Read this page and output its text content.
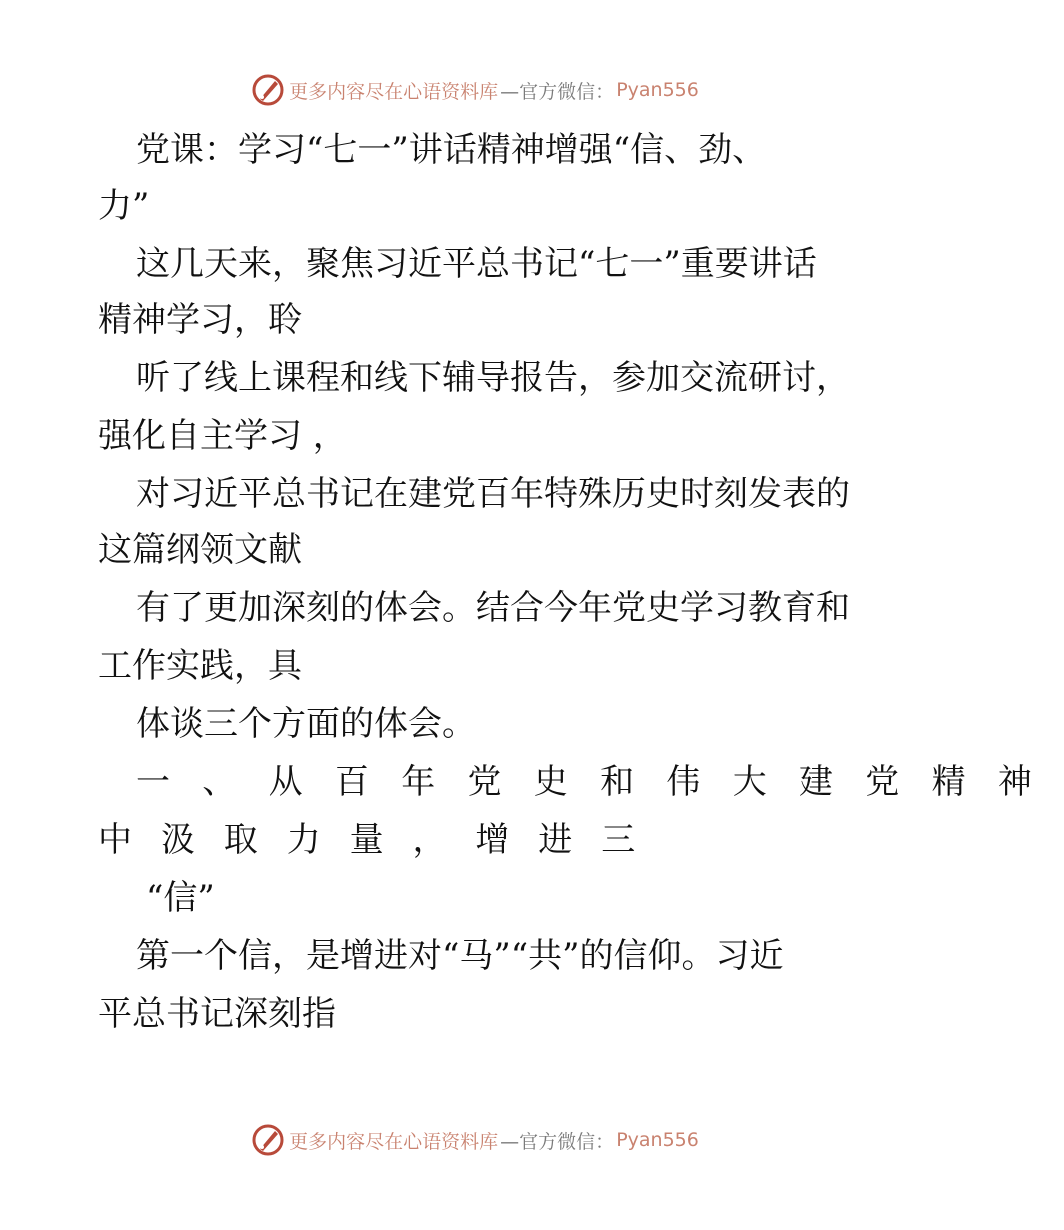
更多内容尽在心语资料库 —官方微信： Pyan556
党课：学习“七一”讲话精神增强“信、劲、
力”
这几天来，聚焦习近平总书记“七一”重要讲话
精神学习，聆
听了线上课程和线下辅导报告，参加交流研讨，
强化自主学习 ，
对习近平总书记在建党百年特殊历史时刻发表的
这篇纲领文献
有了更加深刻的体会。结合今年党史学习教育和
工作实践，具
体谈三个方面的体会。
一、从百年党史和伟大建党精神
中汲取力量，增进三
“信”
第一个信，是增进对“马”“共”的信仰。习近
平总书记深刻指
更多内容尽在心语资料库 —官方微信： Pyan556
